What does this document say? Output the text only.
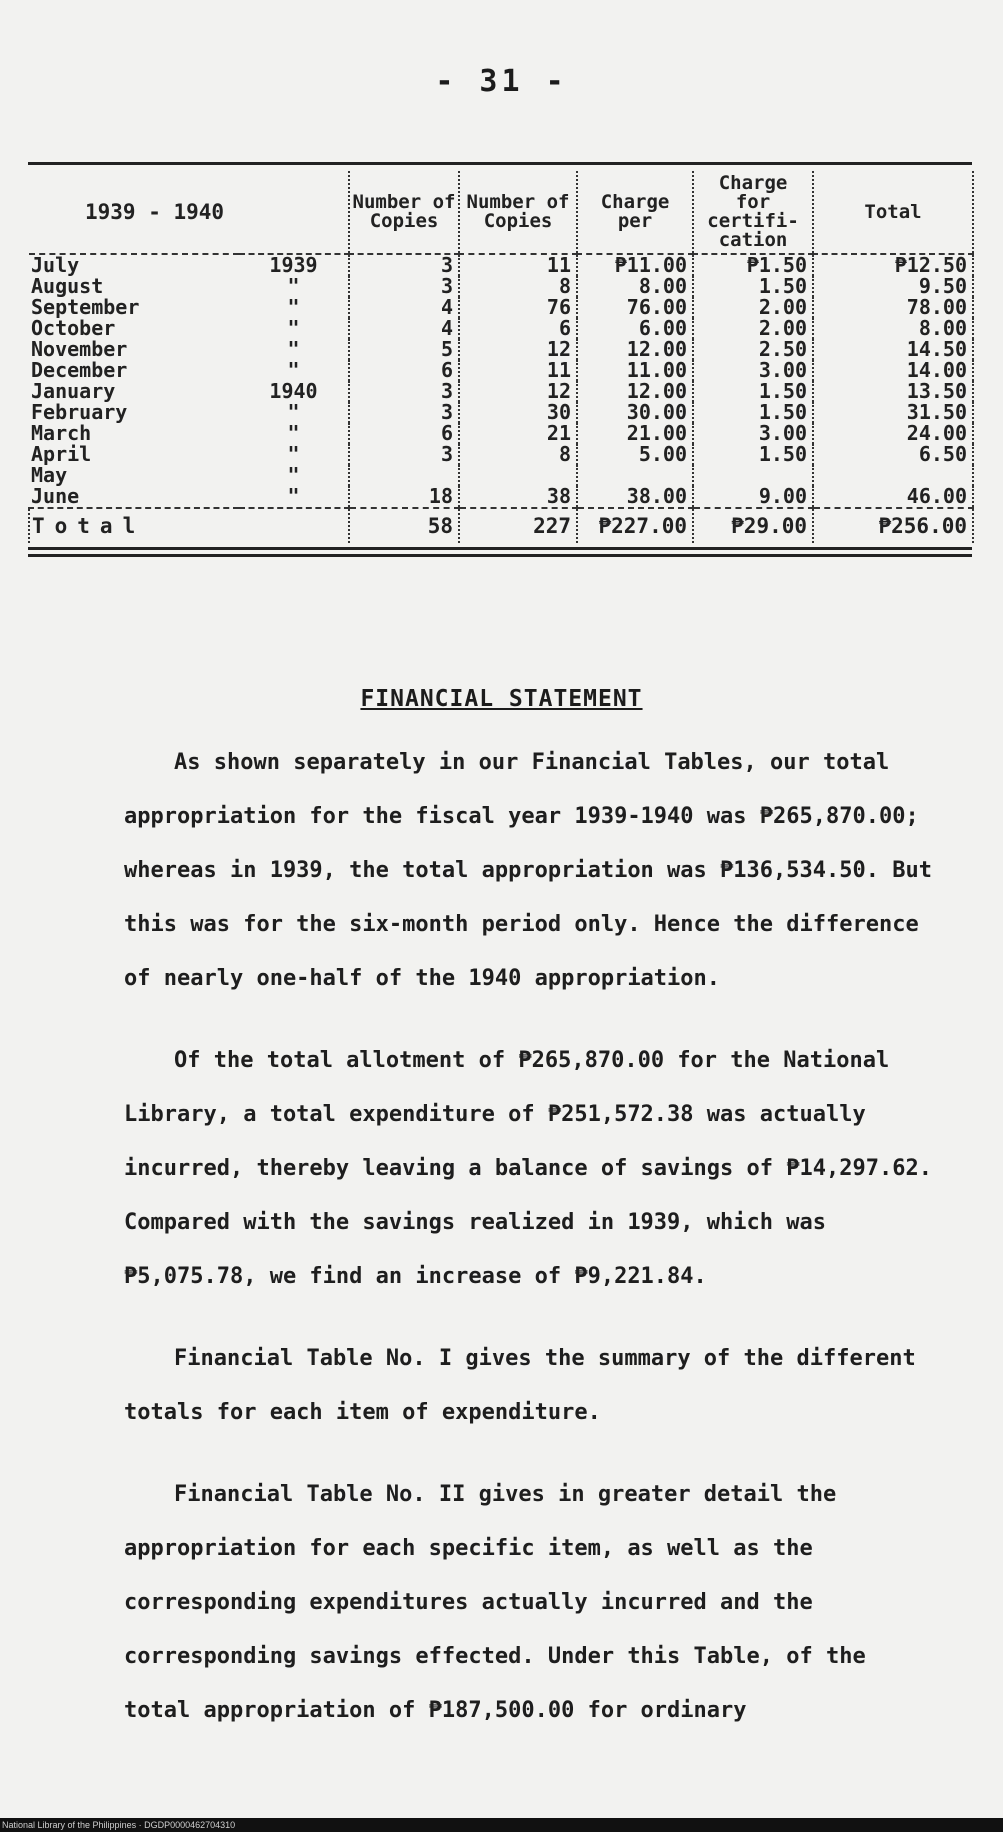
- 31 -
1939 - 1940		Number of Copies	Number of Copies	Charge per	Charge for certifi- cation	Total
July	1939	3	11	₱11.00	₱1.50	₱12.50
August	"	3	8	8.00	1.50	9.50
September	"	4	76	76.00	2.00	78.00
October	"	4	6	6.00	2.00	8.00
November	"	5	12	12.00	2.50	14.50
December	"	6	11	11.00	3.00	14.00
January	1940	3	12	12.00	1.50	13.50
February	"	3	30	30.00	1.50	31.50
March	"	6	21	21.00	3.00	24.00
April	"	3	8	5.00	1.50	6.50
May	"					
June	"	18	38	38.00	9.00	46.00
Total		58	227	₱227.00	₱29.00	₱256.00
FINANCIAL STATEMENT

As shown separately in our Financial Tables, our total appropriation for the fiscal year 1939-1940 was ₱265,870.00; whereas in 1939, the total appropriation was ₱136,534.50. But this was for the six-month period only. Hence the difference of nearly one-half of the 1940 appropriation.

Of the total allotment of ₱265,870.00 for the National Library, a total expenditure of ₱251,572.38 was actually incurred, thereby leaving a balance of savings of ₱14,297.62. Compared with the savings realized in 1939, which was ₱5,075.78, we find an increase of ₱9,221.84.

Financial Table No. I gives the summary of the different totals for each item of expenditure.

Financial Table No. II gives in greater detail the appropriation for each specific item, as well as the corresponding expenditures actually incurred and the corresponding savings effected. Under this Table, of the total appropriation of ₱187,500.00 for ordinary

National Library of the Philippines · DGDP0000462704310
